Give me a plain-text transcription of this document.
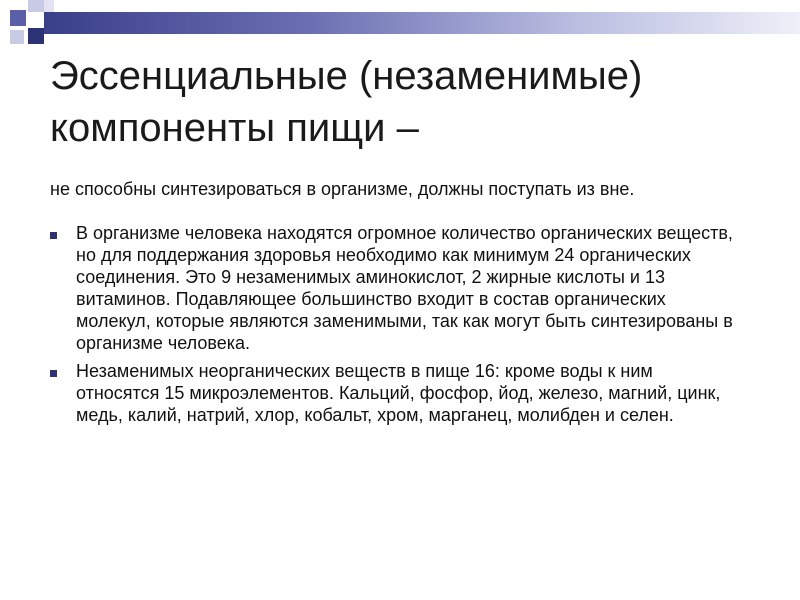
Эссенциальные (незаменимые) компоненты пищи –

не способны синтезироваться в организме, должны поступать из вне.

В организме человека находятся огромное количество органических веществ, но для поддержания здоровья необходимо как минимум 24 органических соединения. Это 9 незаменимых аминокислот, 2 жирные кислоты и 13 витаминов. Подавляющее большинство входит в состав органических молекул, которые являются заменимыми, так как могут быть синтезированы в организме человека.
Незаменимых неорганических веществ в пище 16: кроме воды к ним относятся 15 микроэлементов. Кальций, фосфор, йод, железо, магний, цинк, медь, калий, натрий, хлор, кобальт, хром, марганец, молибден и селен.
